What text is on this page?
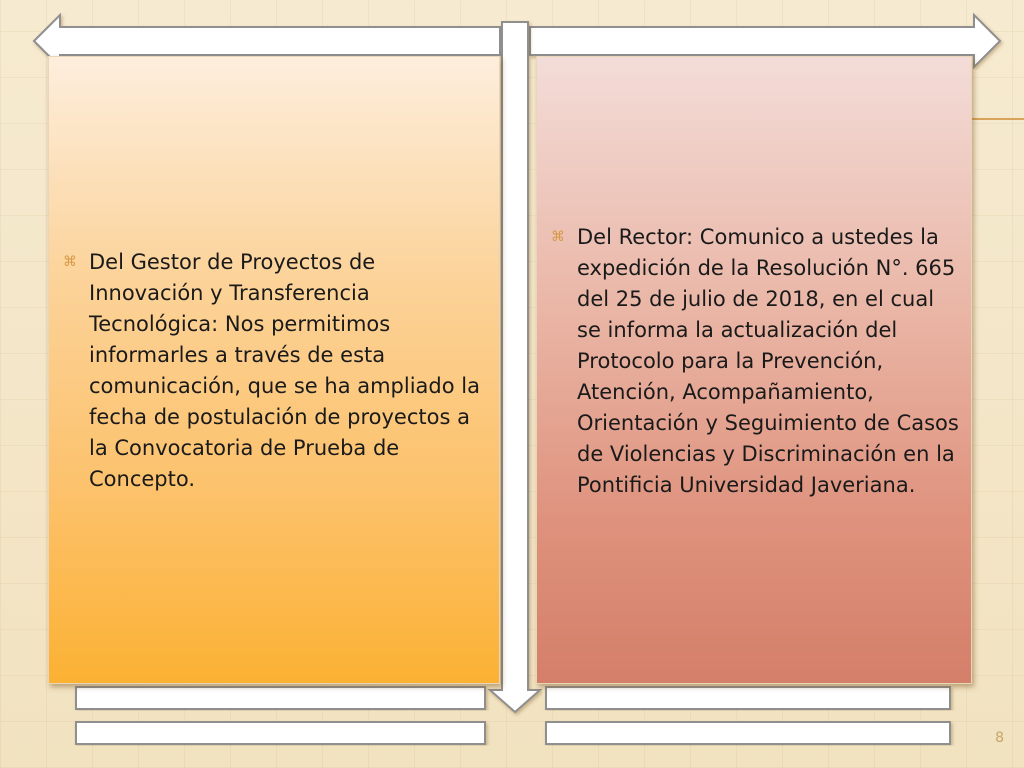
⌘ Del Gestor de Proyectos de Innovación y Transferencia Tecnológica: Nos permitimos informarles a través de esta comunicación, que se ha ampliado la fecha de postulación de proyectos a la Convocatoria de Prueba de Concepto.

⌘ Del Rector: Comunico a ustedes la expedición de la Resolución N°. 665 del 25 de julio de 2018, en el cual se informa la actualización del Protocolo para la Prevención, Atención, Acompañamiento, Orientación y Seguimiento de Casos de Violencias y Discriminación en la Pontificia Universidad Javeriana.

8
